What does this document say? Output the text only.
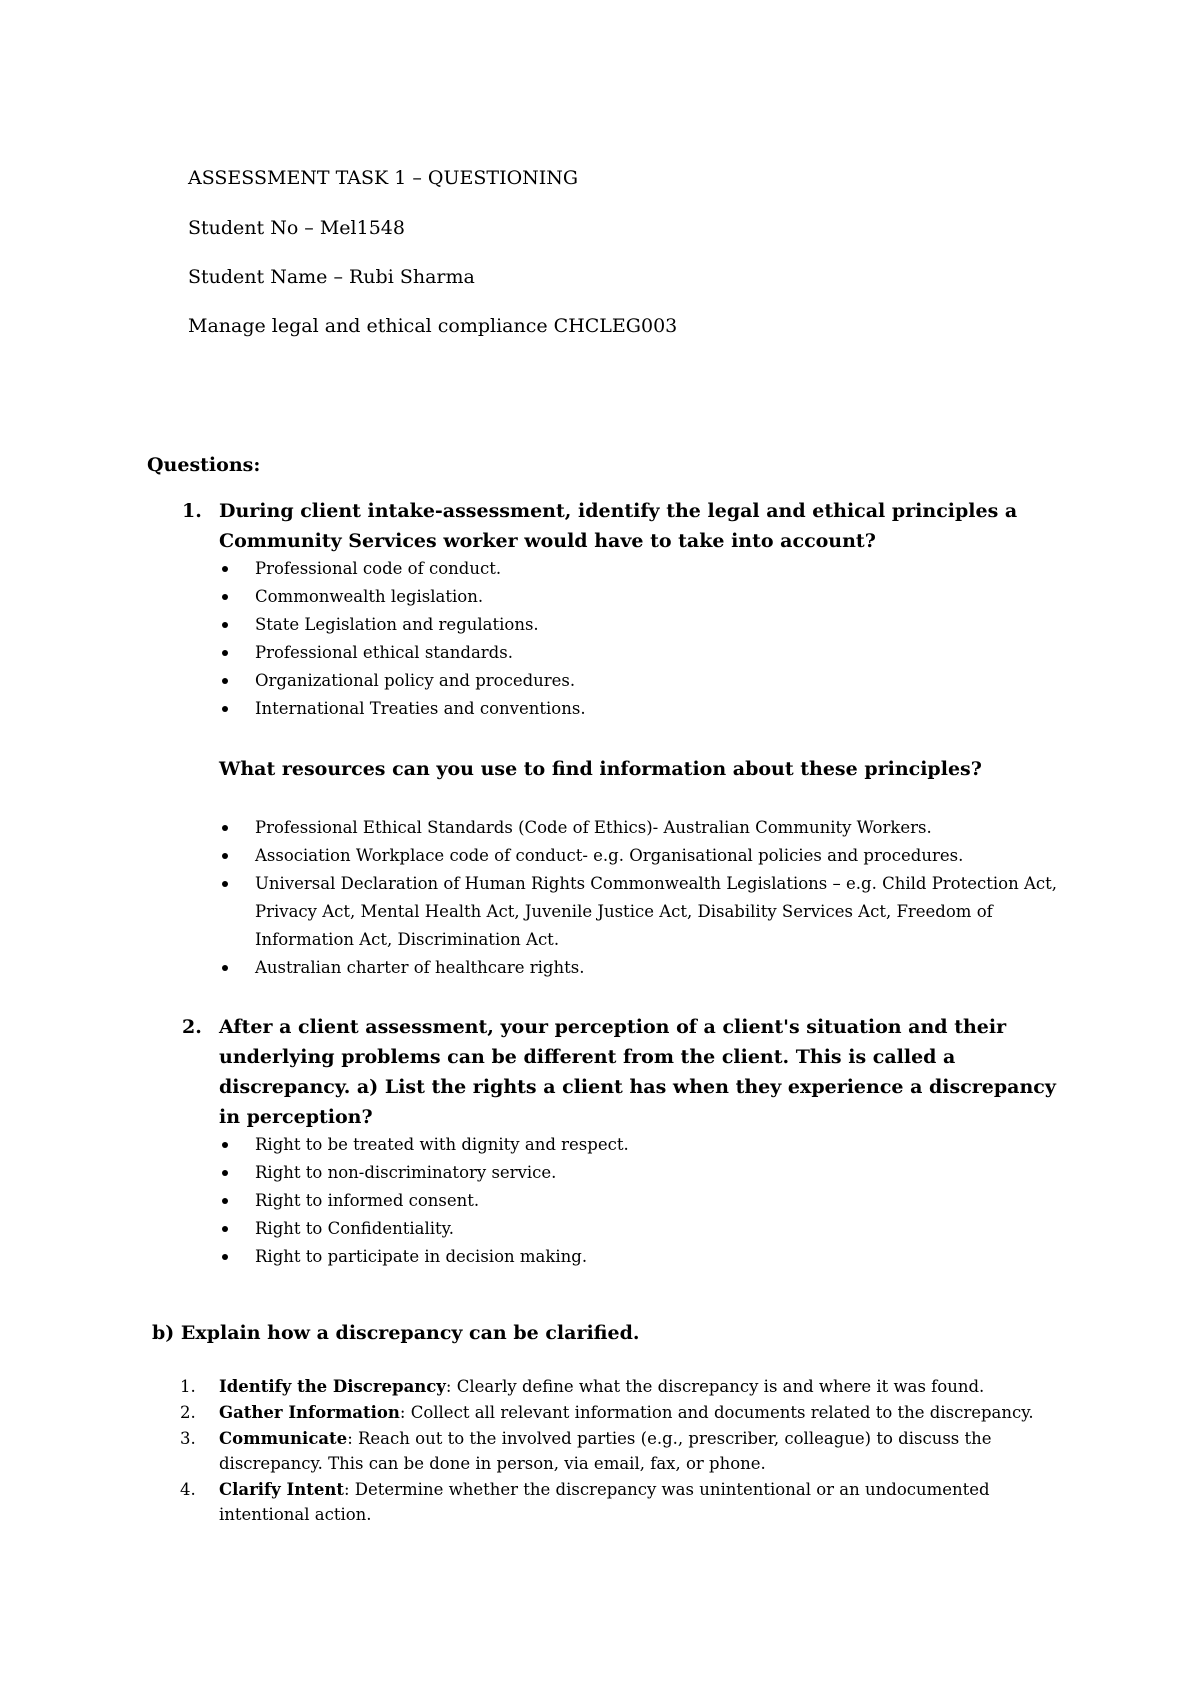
ASSESSMENT TASK 1 – QUESTIONING
Student No – Mel1548
Student Name – Rubi Sharma
Manage legal and ethical compliance CHCLEG003
Questions:
1. During client intake-assessment, identify the legal and ethical principles a Community Services worker would have to take into account?
Professional code of conduct.
Commonwealth legislation.
State Legislation and regulations.
Professional ethical standards.
Organizational policy and procedures.
International Treaties and conventions.
What resources can you use to find information about these principles?
Professional Ethical Standards (Code of Ethics)- Australian Community Workers.
Association Workplace code of conduct- e.g. Organisational policies and procedures.
Universal Declaration of Human Rights Commonwealth Legislations – e.g. Child Protection Act, Privacy Act, Mental Health Act, Juvenile Justice Act, Disability Services Act, Freedom of Information Act, Discrimination Act.
Australian charter of healthcare rights.
2. After a client assessment, your perception of a client's situation and their underlying problems can be different from the client. This is called a discrepancy. a) List the rights a client has when they experience a discrepancy in perception?
Right to be treated with dignity and respect.
Right to non-discriminatory service.
Right to informed consent.
Right to Confidentiality.
Right to participate in decision making.
b) Explain how a discrepancy can be clarified.
1. Identify the Discrepancy: Clearly define what the discrepancy is and where it was found.
2. Gather Information: Collect all relevant information and documents related to the discrepancy.
3. Communicate: Reach out to the involved parties (e.g., prescriber, colleague) to discuss the discrepancy. This can be done in person, via email, fax, or phone.
4. Clarify Intent: Determine whether the discrepancy was unintentional or an undocumented intentional action.
